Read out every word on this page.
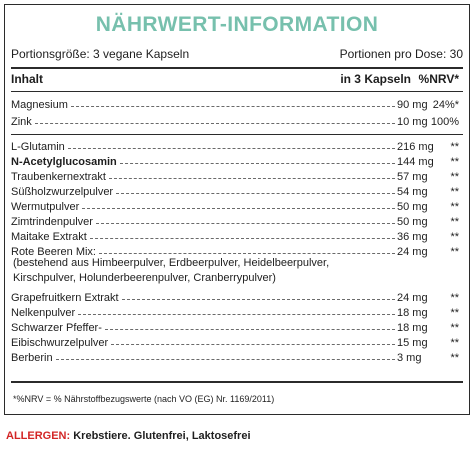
NÄHRWERT-INFORMATION
Portionsgröße: 3 vegane Kapseln	Portionen pro Dose: 30
Inhalt	in 3 Kapseln %NRV*
Magnesium	90 mg 24%*
Zink	10 mg 100%
L-Glutamin	216 mg	**
N-Acetylglucosamin	144 mg	**
Traubenkernextrakt	57 mg	**
Süßholzwurzelpulver	54 mg	**
Wermutpulver	50 mg	**
Zimtrindenpulver	50 mg	**
Maitake Extrakt	36 mg	**
Rote Beeren Mix:	24 mg	**
(bestehend aus Himbeerpulver, Erdbeerpulver, Heidelbeerpulver,
Kirschpulver, Holunderbeerenpulver, Cranberrypulver)
Grapefruitkern Extrakt	24 mg	**
Nelkenpulver	18 mg	**
Schwarzer Pfeffer-	18 mg	**
Eibischwurzelpulver	15 mg	**
Berberin	3 mg	**
*%NRV = % Nährstoffbezugswerte (nach VO (EG) Nr. 1169/2011)
ALLERGEN: Krebstiere. Glutenfrei, Laktosefrei
